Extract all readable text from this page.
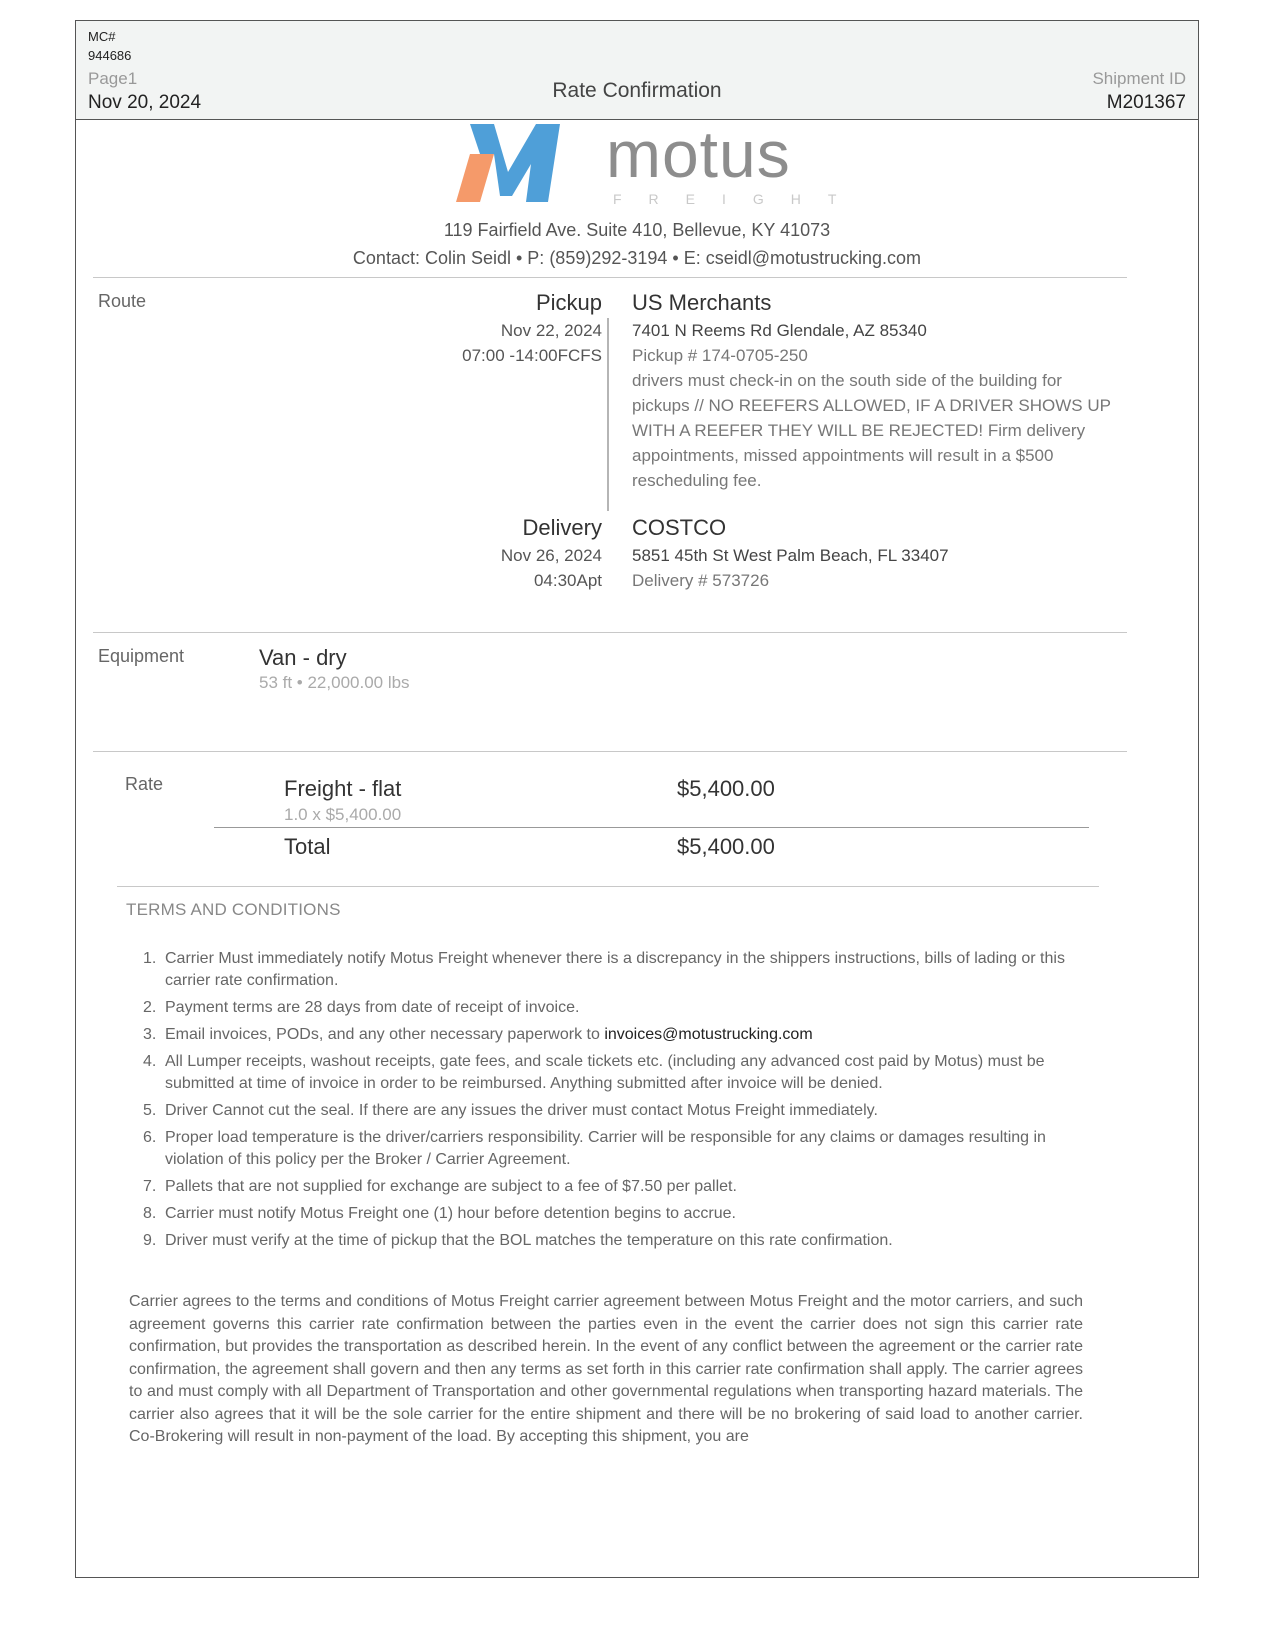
MC#
944686
Page1
Nov 20, 2024
Rate Confirmation
Shipment ID
M201367
motus
FREIGHT
119 Fairfield Ave. Suite 410, Bellevue, KY 41073
Contact: Colin Seidl • P: (859)292-3194 • E: cseidl@motustrucking.com
Route	Pickup
Nov 22, 2024
07:00 -14:00FCFS
US Merchants
7401 N Reems Rd Glendale, AZ 85340
Pickup # 174-0705-250
drivers must check-in on the south side of the building for pickups // NO REEFERS ALLOWED, IF A DRIVER SHOWS UP WITH A REEFER THEY WILL BE REJECTED! Firm delivery appointments, missed appointments will result in a $500 rescheduling fee.
Delivery
Nov 26, 2024
04:30Apt
COSTCO
5851 45th St West Palm Beach, FL 33407
Delivery # 573726
Equipment	Van - dry
53 ft • 22,000.00 lbs
Rate	Freight - flat
1.0 x $5,400.00
$5,400.00
Total	$5,400.00
TERMS AND CONDITIONS
1. Carrier Must immediately notify Motus Freight whenever there is a discrepancy in the shippers instructions, bills of lading or this carrier rate confirmation.
2. Payment terms are 28 days from date of receipt of invoice.
3. Email invoices, PODs, and any other necessary paperwork to invoices@motustrucking.com
4. All Lumper receipts, washout receipts, gate fees, and scale tickets etc. (including any advanced cost paid by Motus) must be submitted at time of invoice in order to be reimbursed. Anything submitted after invoice will be denied.
5. Driver Cannot cut the seal. If there are any issues the driver must contact Motus Freight immediately.
6. Proper load temperature is the driver/carriers responsibility. Carrier will be responsible for any claims or damages resulting in violation of this policy per the Broker / Carrier Agreement.
7. Pallets that are not supplied for exchange are subject to a fee of $7.50 per pallet.
8. Carrier must notify Motus Freight one (1) hour before detention begins to accrue.
9. Driver must verify at the time of pickup that the BOL matches the temperature on this rate confirmation.
Carrier agrees to the terms and conditions of Motus Freight carrier agreement between Motus Freight and the motor carriers, and such agreement governs this carrier rate confirmation between the parties even in the event the carrier does not sign this carrier rate confirmation, but provides the transportation as described herein. In the event of any conflict between the agreement or the carrier rate confirmation, the agreement shall govern and then any terms as set forth in this carrier rate confirmation shall apply. The carrier agrees to and must comply with all Department of Transportation and other governmental regulations when transporting hazard materials. The carrier also agrees that it will be the sole carrier for the entire shipment and there will be no brokering of said load to another carrier. Co-Brokering will result in non-payment of the load. By accepting this shipment, you are
